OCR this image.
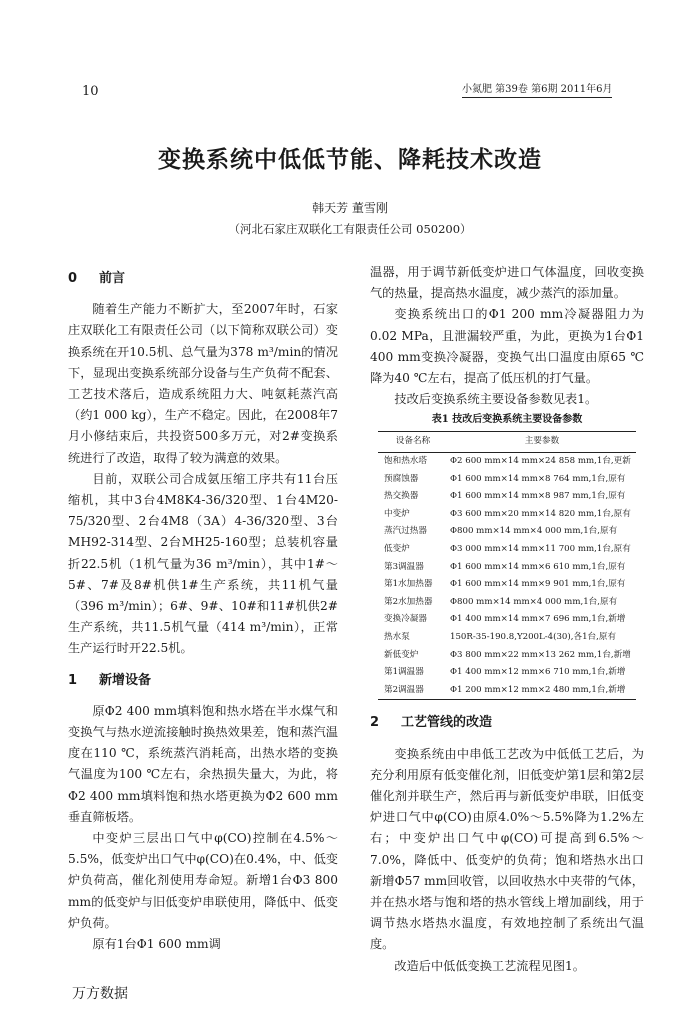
10	小氮肥 第39卷 第6期 2011年6月
变换系统中低低节能、降耗技术改造
韩天芳 董雪刚
（河北石家庄双联化工有限责任公司 050200）
0 前言

随着生产能力不断扩大，至2007年时，石家庄双联化工有限责任公司（以下简称双联公司）变换系统在开10.5机、总气量为378 m³/min的情况下，显现出变换系统部分设备与生产负荷不配套、工艺技术落后，造成系统阻力大、吨氨耗蒸汽高（约1 000 kg），生产不稳定。因此，在2008年7月小修结束后，共投资500多万元，对2#变换系统进行了改造，取得了较为满意的效果。

目前，双联公司合成氨压缩工序共有11台压缩机，其中3台4M8K4-36/320型、1台4M20-75/320型、2台4M8（3A）4-36/320型、3台MH92-314型、2台MH25-160型；总装机容量折22.5机（1机气量为36 m³/min），其中1#～5#、7#及8#机供1#生产系统，共11机气量（396 m³/min）；6#、9#、10#和11#机供2#生产系统，共11.5机气量（414 m³/min），正常生产运行时开22.5机。

1 新增设备

原Φ2 400 mm填料饱和热水塔在半水煤气和变换气与热水逆流接触时换热效果差，饱和蒸汽温度在110 ℃，系统蒸汽消耗高，出热水塔的变换气温度为100 ℃左右，余热损失量大，为此，将Φ2 400 mm填料饱和热水塔更换为Φ2 600 mm垂直筛板塔。

中变炉三层出口气中φ(CO)控制在4.5%～5.5%，低变炉出口气中φ(CO)在0.4%，中、低变炉负荷高，催化剂使用寿命短。新增1台Φ3 800 mm的低变炉与旧低变炉串联使用，降低中、低变炉负荷。

原有1台Φ1 600 mm调

温器，用于调节新低变炉进口气体温度，回收变换气的热量，提高热水温度，减少蒸汽的添加量。

变换系统出口的Φ1 200 mm冷凝器阻力为0.02 MPa，且泄漏较严重，为此，更换为1台Φ1 400 mm变换冷凝器，变换气出口温度由原65 ℃降为40 ℃左右，提高了低压机的打气量。

技改后变换系统主要设备参数见表1。

表1 技改后变换系统主要设备参数
设备名称	主要参数
饱和热水塔	Φ2 600 mm×14 mm×24 858 mm,1台,更新
预腐蚀器	Φ1 600 mm×14 mm×8 764 mm,1台,原有
热交换器	Φ1 600 mm×14 mm×8 987 mm,1台,原有
中变炉	Φ3 600 mm×20 mm×14 820 mm,1台,原有
蒸汽过热器	Φ800 mm×14 mm×4 000 mm,1台,原有
低变炉	Φ3 000 mm×14 mm×11 700 mm,1台,原有
第3调温器	Φ1 600 mm×14 mm×6 610 mm,1台,原有
第1水加热器	Φ1 600 mm×14 mm×9 901 mm,1台,原有
第2水加热器	Φ800 mm×14 mm×4 000 mm,1台,原有
变换冷凝器	Φ1 400 mm×14 mm×7 696 mm,1台,新增
热水泵	150R-35-190.8,Y200L-4(30),各1台,原有
新低变炉	Φ3 800 mm×22 mm×13 262 mm,1台,新增
第1调温器	Φ1 400 mm×12 mm×6 710 mm,1台,新增
第2调温器	Φ1 200 mm×12 mm×2 480 mm,1台,新增
2 工艺管线的改造

变换系统由中串低工艺改为中低低工艺后，为充分利用原有低变催化剂，旧低变炉第1层和第2层催化剂并联生产，然后再与新低变炉串联，旧低变炉进口气中φ(CO)由原4.0%～5.5%降为1.2%左右；中变炉出口气中φ(CO)可提高到6.5%～7.0%，降低中、低变炉的负荷；饱和塔热水出口新增Φ57 mm回收管，以回收热水中夹带的气体，并在热水塔与饱和塔的热水管线上增加副线，用于调节热水塔热水温度，有效地控制了系统出气温度。

改造后中低低变换工艺流程见图1。

万方数据
